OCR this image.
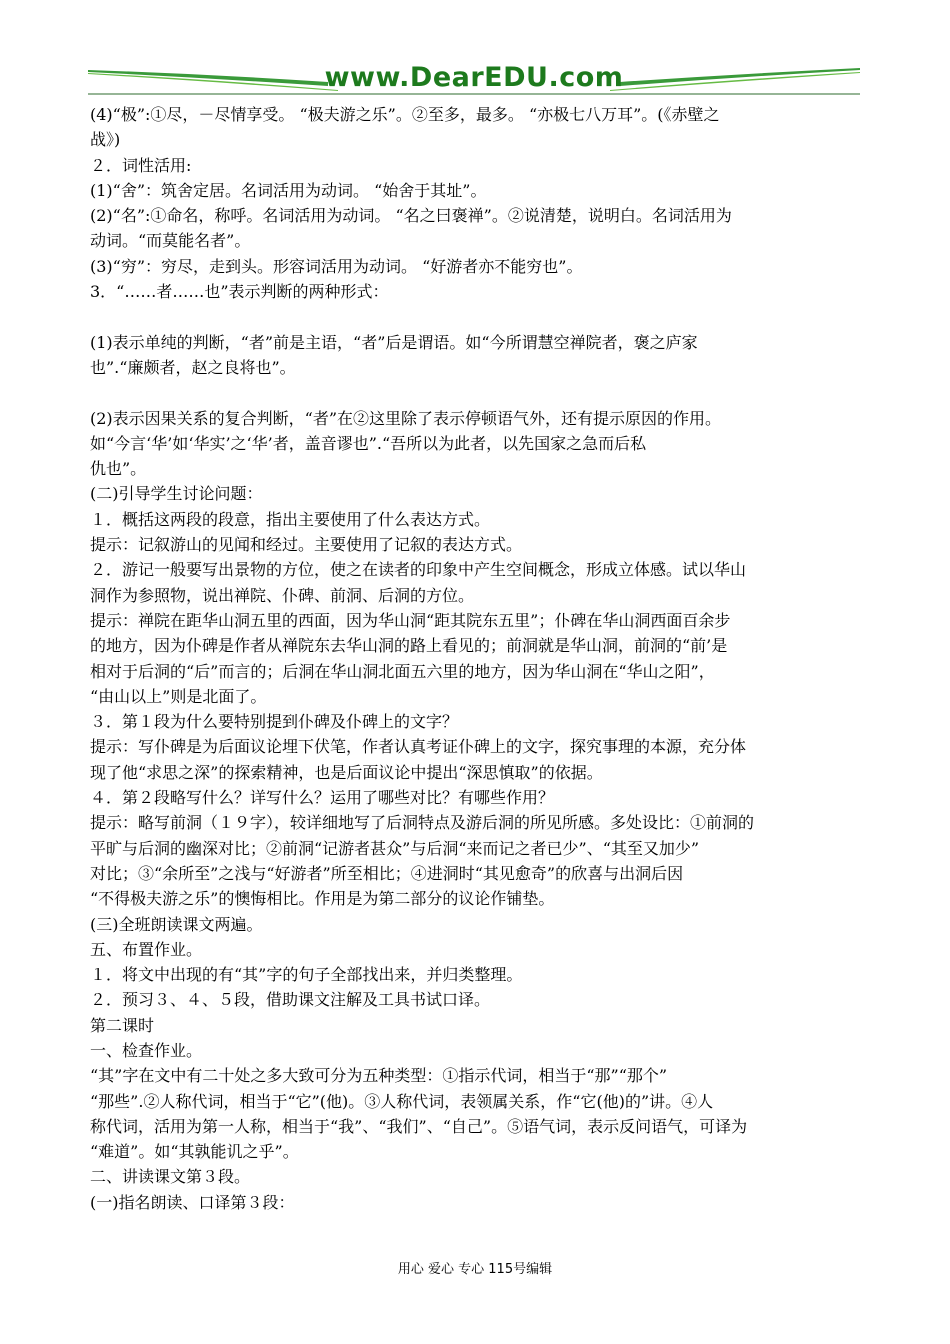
www.DearEDU.com
(4)“极”:①尽，－尽情享受。 “极夫游之乐”。②至多，最多。 “亦极七八万耳”。(《赤壁之
战》)
２．词性活用:
(1)“舍”：筑舍定居。名词活用为动词。 “始舍于其址”。
(2)“名”:①命名，称呼。名词活用为动词。 “名之曰褒禅”。②说清楚，说明白。名词活用为
动词。“而莫能名者”。
(3)“穷”：穷尽，走到头。形容词活用为动词。 “好游者亦不能穷也”。
3．“……者……也”表示判断的两种形式：
(1)表示单纯的判断，“者”前是主语，“者”后是谓语。如“今所谓慧空禅院者，褒之庐家
也”.“廉颇者，赵之良将也”。
(2)表示因果关系的复合判断，“者”在②这里除了表示停顿语气外，还有提示原因的作用。
如“今言‘华’如‘华实’之‘华’者，盖音谬也”.“吾所以为此者，以先国家之急而后私
仇也”。
(二)引导学生讨论问题：
１．概括这两段的段意，指出主要使用了什么表达方式。
提示：记叙游山的见闻和经过。主要使用了记叙的表达方式。
２．游记一般要写出景物的方位，使之在读者的印象中产生空间概念，形成立体感。试以华山
洞作为参照物，说出禅院、仆碑、前洞、后洞的方位。
提示：禅院在距华山洞五里的西面，因为华山洞“距其院东五里”；仆碑在华山洞西面百余步
的地方，因为仆碑是作者从禅院东去华山洞的路上看见的；前洞就是华山洞，前洞的“前’是
相对于后洞的“后”而言的；后洞在华山洞北面五六里的地方，因为华山洞在“华山之阳”，
“由山以上”则是北面了。
３．第１段为什么要特别提到仆碑及仆碑上的文字？
提示：写仆碑是为后面议论埋下伏笔，作者认真考证仆碑上的文字，探究事理的本源，充分体
现了他“求思之深”的探索精神，也是后面议论中提出“深思慎取”的依据。
４．第２段略写什么？详写什么？运用了哪些对比？有哪些作用？
提示：略写前洞（１９字），较详细地写了后洞特点及游后洞的所见所感。多处设比：①前洞的
平旷与后洞的幽深对比；②前洞“记游者甚众”与后洞“来而记之者已少”、“其至又加少”
对比；③“余所至”之浅与“好游者”所至相比；④进洞时“其见愈奇”的欣喜与出洞后因
“不得极夫游之乐”的懊悔相比。作用是为第二部分的议论作铺垫。
(三)全班朗读课文两遍。
五、布置作业。
１．将文中出现的有“其”字的句子全部找出来，并归类整理。
２．预习３、４、５段，借助课文注解及工具书试口译。
第二课时
一、检查作业。
“其”字在文中有二十处之多大致可分为五种类型：①指示代词，相当于“那”“那个”
“那些”.②人称代词，相当于“它”(他)。③人称代词，表领属关系，作“它(他)的”讲。④人
称代词，活用为第一人称，相当于“我”、“我们”、“自己”。⑤语气词，表示反问语气，可译为
“难道”。如“其孰能讥之乎”。
二、讲读课文第３段。
(一)指名朗读、口译第３段：
用心 爱心 专心 115号编辑
